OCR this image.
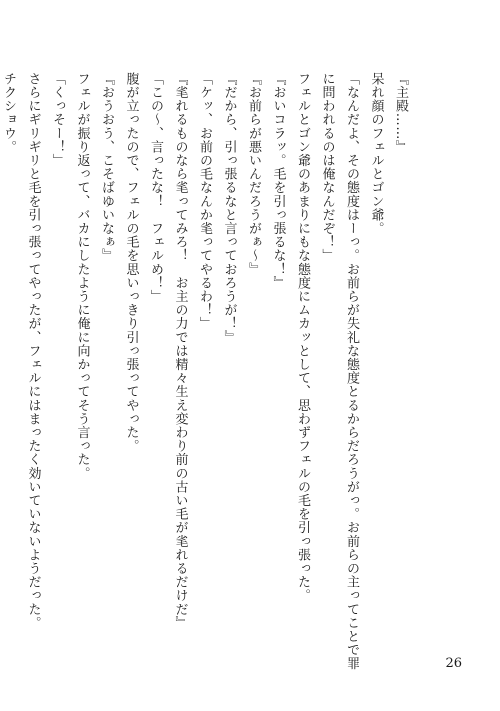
『主殿……』
呆れ顔のフェルとゴン爺。
「なんだよ、その態度はーっ。お前らが失礼な態度とるからだろうがっ。お前らの主ってことで罪
に問われるのは俺なんだぞ！」
フェルとゴン爺のあまりにもな態度にムカッとして、思わずフェルの毛を引っ張った。
『おいコラッ。毛を引っ張るな！』
『お前らが悪いんだろうがぁ～』
『だから、引っ張るなと言っておろうが！』
「ケッ、お前の毛なんか毟ってやるわ！」
『毟れるものなら毟ってみろ！　お主の力では精々生え変わり前の古い毛が毟れるだけだ』
「この～、言ったな！　フェルめ！」
腹が立ったので、フェルの毛を思いっきり引っ張ってやった。
『おうおう、こそばゆいなぁ』
フェルが振り返って、バカにしたように俺に向かってそう言った。
「くっそー！」
さらにギリギリと毛を引っ張ってやったが、フェルにはまったく効いていないようだった。
チクショウ。
26
